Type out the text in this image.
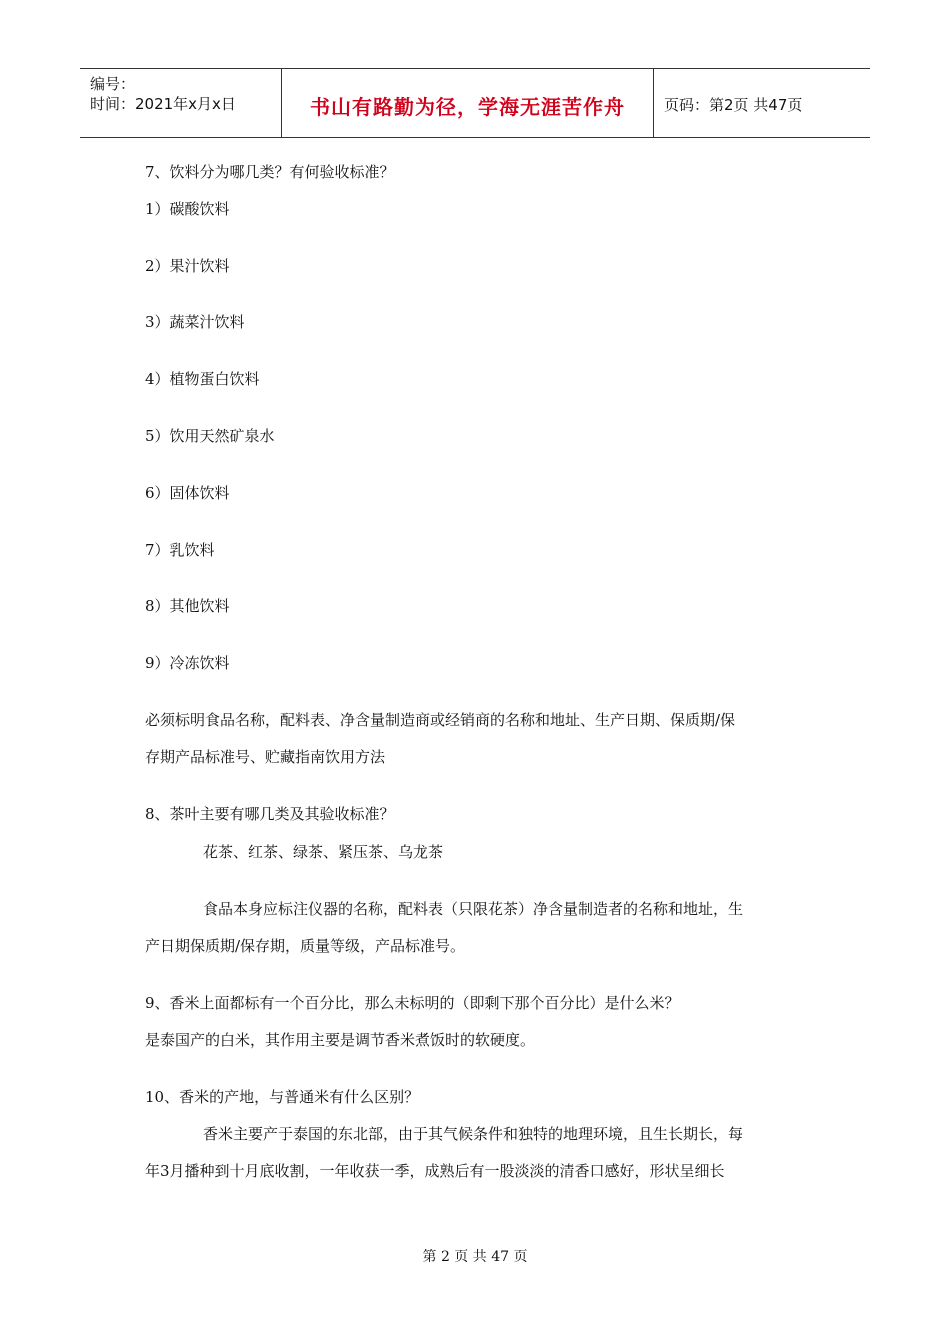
编号：
时间：2021年x月x日	书山有路勤为径，学海无涯苦作舟	页码：第2页 共47页
7、饮料分为哪几类？有何验收标准？
1）碳酸饮料
2）果汁饮料
3）蔬菜汁饮料
4）植物蛋白饮料
5）饮用天然矿泉水
6）固体饮料
7）乳饮料
8）其他饮料
9）冷冻饮料
必须标明食品名称，配料表、净含量制造商或经销商的名称和地址、生产日期、保质期/保
存期产品标准号、贮藏指南饮用方法
8、茶叶主要有哪几类及其验收标准？
花茶、红茶、绿茶、紧压茶、乌龙茶
食品本身应标注仪器的名称，配料表（只限花茶）净含量制造者的名称和地址，生
产日期保质期/保存期，质量等级，产品标准号。
9、香米上面都标有一个百分比，那么未标明的（即剩下那个百分比）是什么米？
是泰国产的白米，其作用主要是调节香米煮饭时的软硬度。
10、香米的产地，与普通米有什么区别？
香米主要产于泰国的东北部，由于其气候条件和独特的地理环境，且生长期长，每
年3月播种到十月底收割，一年收获一季，成熟后有一股淡淡的清香口感好，形状呈细长
第 2 页 共 47 页
